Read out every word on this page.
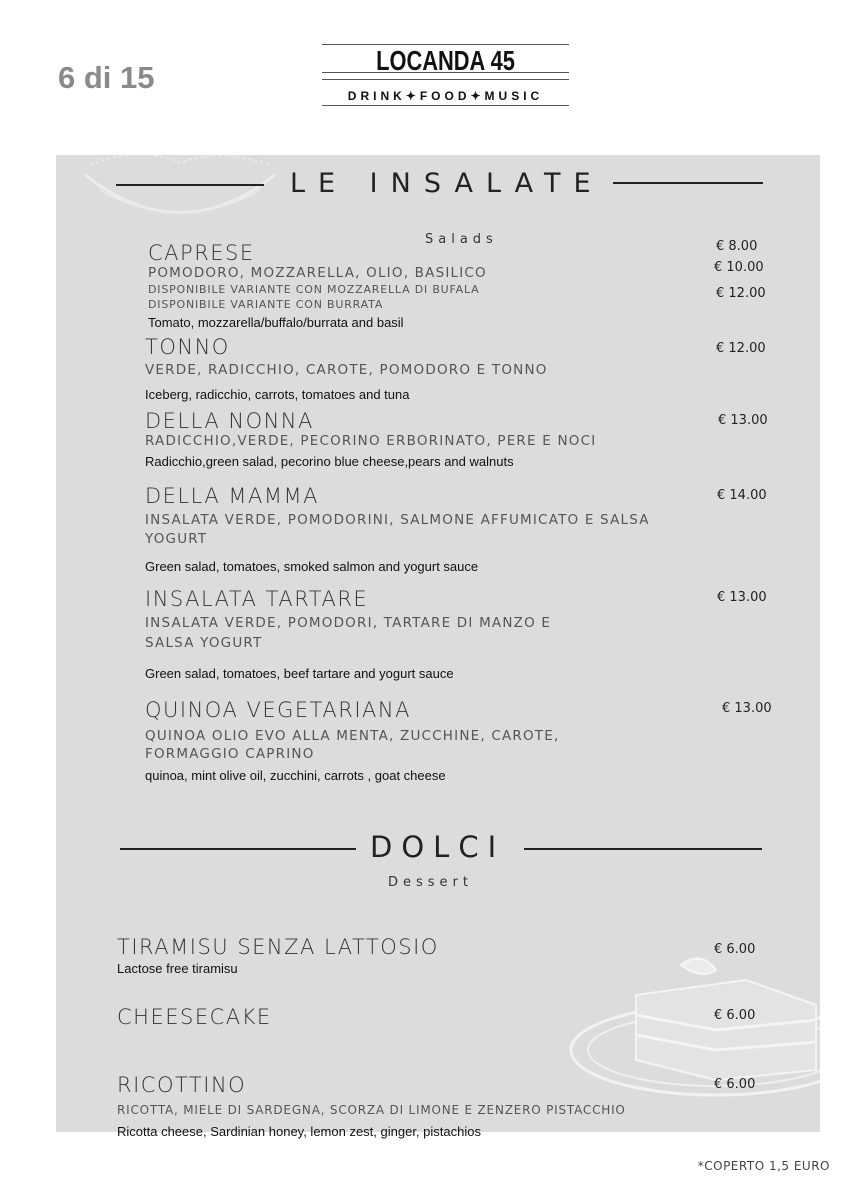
6 di 15	LOCANDA 45
DRINK✦FOOD✦MUSIC
LE INSALATE
Salads
CAPRESE
POMODORO, MOZZARELLA, OLIO, BASILICO
DISPONIBILE VARIANTE CON MOZZARELLA DI BUFALA
DISPONIBILE VARIANTE CON BURRATA
Tomato, mozzarella/buffalo/burrata and basil
€ 8.00
€ 10.00
€ 12.00
TONNO
VERDE, RADICCHIO, CAROTE, POMODORO E TONNO
Iceberg, radicchio, carrots, tomatoes and tuna
€ 12.00
DELLA NONNA
RADICCHIO,VERDE, PECORINO ERBORINATO, PERE E NOCI
Radicchio,green salad, pecorino blue cheese,pears and walnuts
€ 13.00
DELLA MAMMA
INSALATA VERDE, POMODORINI, SALMONE AFFUMICATO E SALSA
YOGURT
Green salad, tomatoes, smoked salmon and yogurt sauce
€ 14.00
INSALATA TARTARE
INSALATA VERDE, POMODORI, TARTARE DI MANZO E
SALSA YOGURT
Green salad, tomatoes, beef tartare and yogurt sauce
€ 13.00
QUINOA VEGETARIANA
QUINOA OLIO EVO ALLA MENTA, ZUCCHINE, CAROTE,
FORMAGGIO CAPRINO
quinoa, mint olive oil, zucchini, carrots , goat cheese
€ 13.00
DOLCI
Dessert
TIRAMISU SENZA LATTOSIO
Lactose free tiramisu
€ 6.00
CHEESECAKE	€ 6.00
RICOTTINO
RICOTTA, MIELE DI SARDEGNA, SCORZA DI LIMONE E ZENZERO PISTACCHIO
Ricotta cheese, Sardinian honey, lemon zest, ginger, pistachios
€ 6.00
*COPERTO 1,5 EURO
